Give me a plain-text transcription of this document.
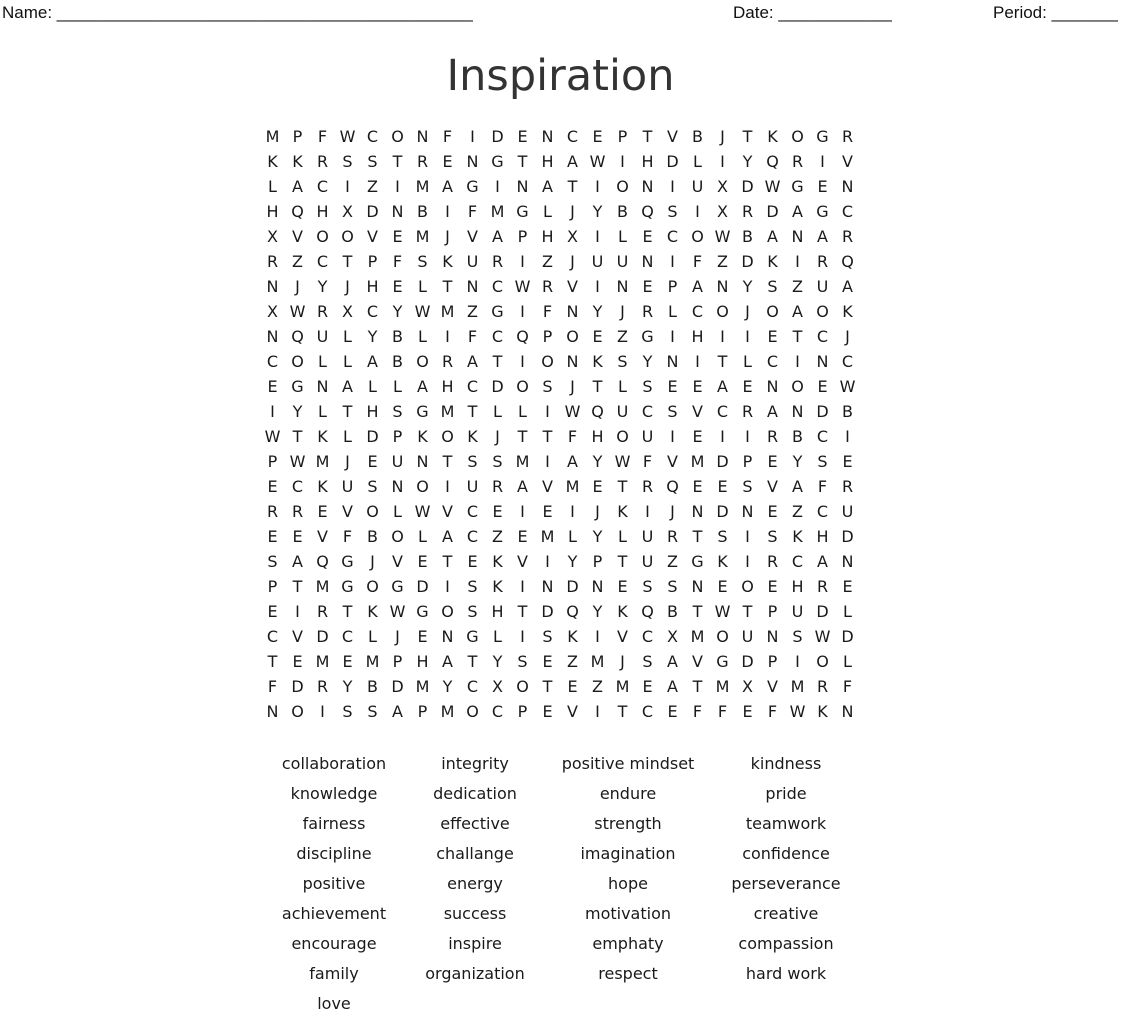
Name: ____________________________________________	Date: ____________	Period: _______
Inspiration
M P F W C O N F	I	D E N C E P T V B	J	T K O G R
K K R S S T R E N G T H A W I	H D L	I	Y Q R	I	V
L A C	I	Z	I M A G	I	N A T	I	O N	I	U X D W G E N
H Q H X D N B	I	F M G L	J	Y B Q S	I	X R D A G C
X V O O V E M J	V A P H X	I	L E C O W B A N A R
R Z C T P F S K U R	I	Z	J	U U N	I	F Z D K	I	R Q
N	J	Y	J	H E L T N C W R V	I	N E P A N Y S Z U A
X W R X C Y W M Z G	I	F N Y	J	R L C O	J	O A O K
N Q U L Y B L	I	F C Q P O E Z G	I	H	I	I	E T C	J
C O L	L A B O R A T	I	O N K S Y N	I	T L C	I	N C
E G N A L	L A H C D O S	J	T L S E E A E N O E W
I	Y L T H S G M T L	L	I W Q U C S V C R A N D B
W T K L D P K O K	J	T T F H O U	I	E	I	I	R B C	I
P W M J	E U N T S S M I	A Y W F V M D P E Y S E
E C K U S N O	I	U R A V M E T R Q E E S V A F R
R R E V O L W V C E	I	E	I	J	K	I	J	N D N E Z C U
E E V F B O L A C Z E M L Y L U R T S	I	S K H D
S A Q G	J	V E T E K V	I	Y P T U Z G K	I	R C A N
P T M G O G D	I	S K	I	N D N E S S N E O E H R E
E	I	R T K W G O S H T D Q Y K Q B T W T P U D L
C V D C L	J	E N G L	I	S K	I	V C X M O U N S W D
T E M E M P H A T Y S E Z M J	S A V G D P	I	O L
F D R Y B D M Y C X O T E Z M E A T M X V M R F
N O	I	S S A P M O C P E V	I	T C E F F E F W K N
collaboration	integrity	positive mindset	kindness
knowledge	dedication	endure	pride
fairness	effective	strength	teamwork
discipline	challange	imagination	confidence
positive	energy	hope	perseverance
achievement	success	motivation	creative
encourage	inspire	emphaty	compassion
family	organization	respect	hard work
love
